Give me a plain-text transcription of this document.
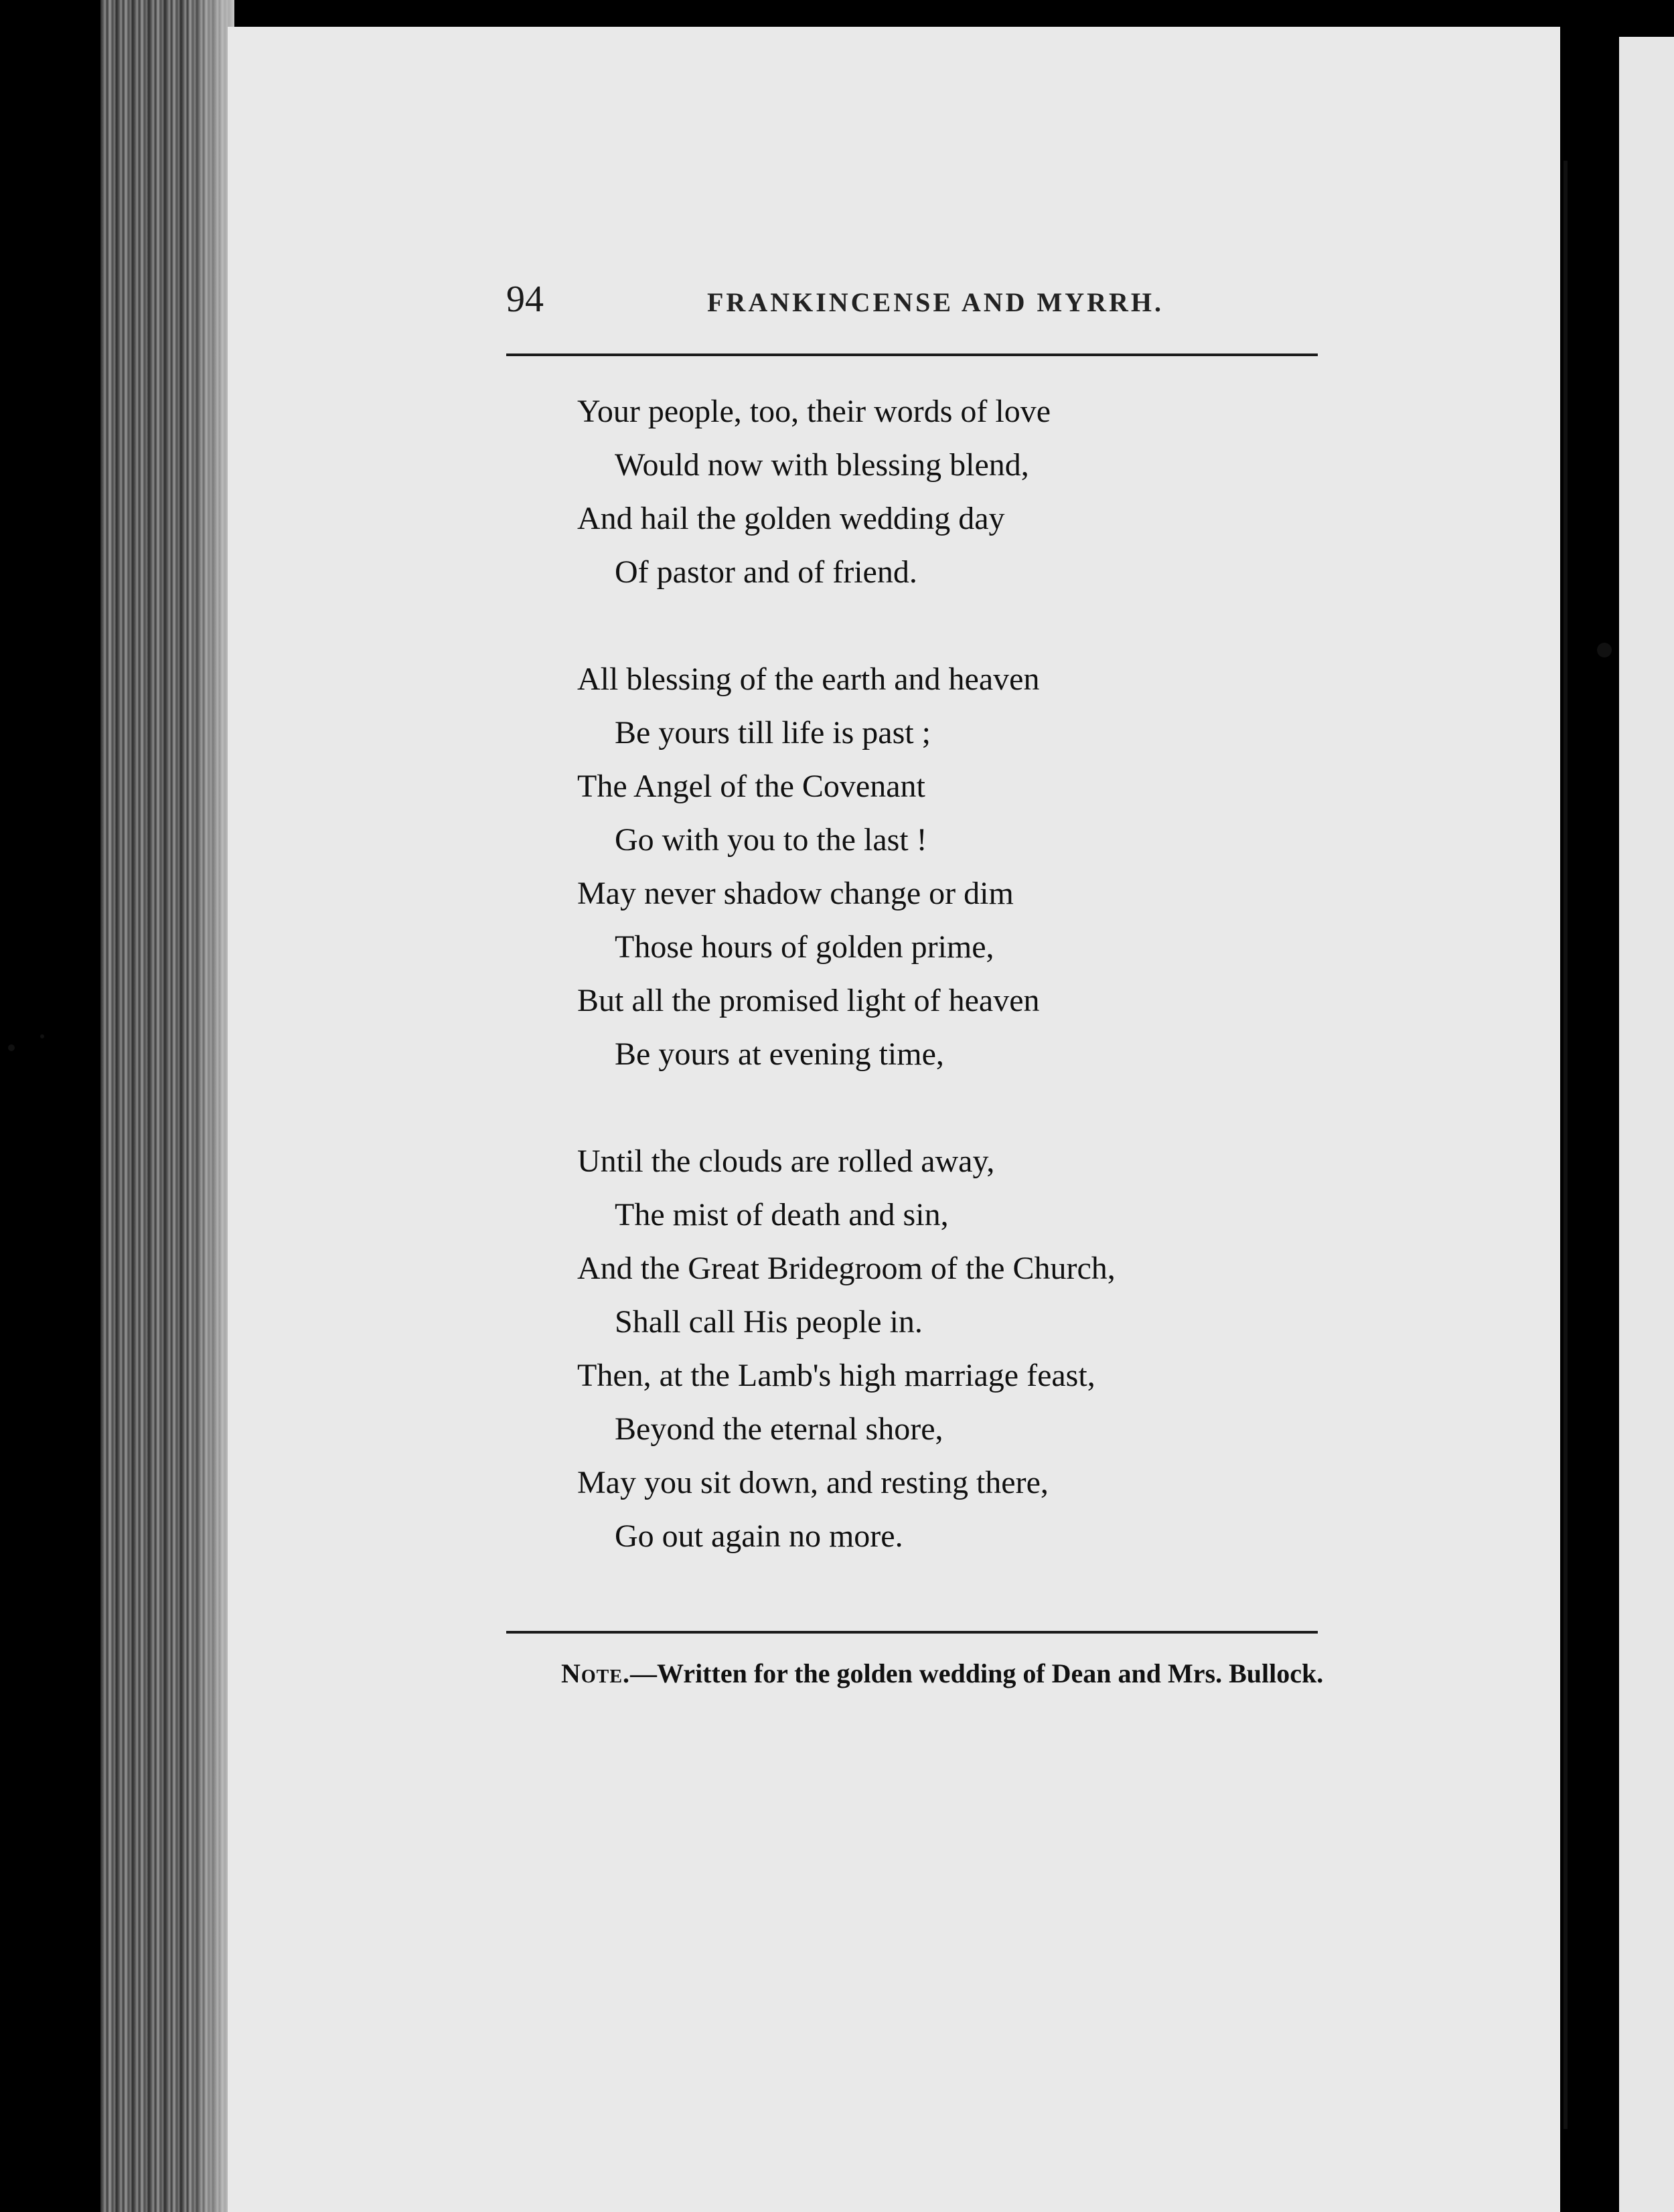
94	FRANKINCENSE AND MYRRH.
Your people, too, their words of love
Would now with blessing blend,
And hail the golden wedding day
Of pastor and of friend.
All blessing of the earth and heaven
Be yours till life is past ;
The Angel of the Covenant
Go with you to the last !
May never shadow change or dim
Those hours of golden prime,
But all the promised light of heaven
Be yours at evening time,
Until the clouds are rolled away,
The mist of death and sin,
And the Great Bridegroom of the Church,
Shall call His people in.
Then, at the Lamb's high marriage feast,
Beyond the eternal shore,
May you sit down, and resting there,
Go out again no more.
Note.—Written for the golden wedding of Dean and Mrs. Bullock.
